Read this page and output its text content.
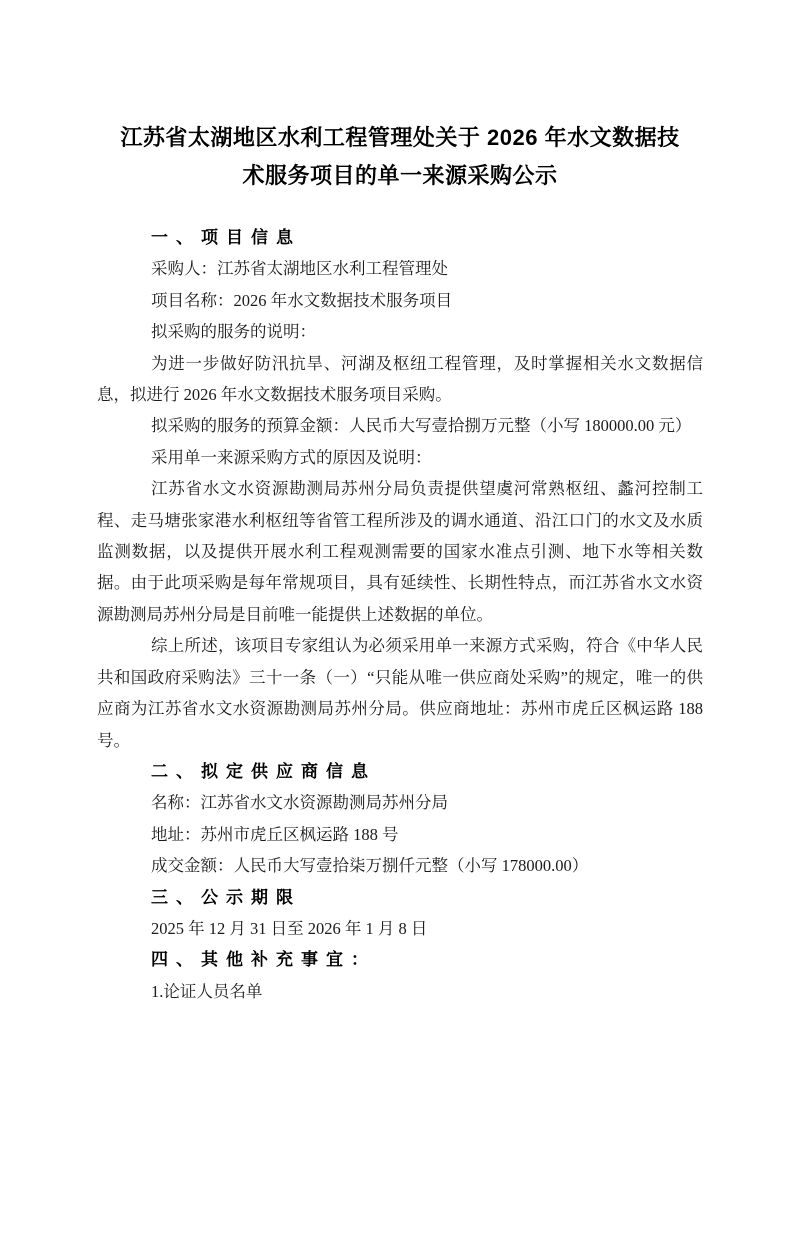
江苏省太湖地区水利工程管理处关于 2026 年水文数据技
术服务项目的单一来源采购公示
一、项目信息

采购人：江苏省太湖地区水利工程管理处

项目名称：2026 年水文数据技术服务项目

拟采购的服务的说明：

为进一步做好防汛抗旱、河湖及枢纽工程管理，及时掌握相关水文数据信息，拟进行 2026 年水文数据技术服务项目采购。

拟采购的服务的预算金额：人民币大写壹拾捌万元整（小写 180000.00 元）

采用单一来源采购方式的原因及说明：

江苏省水文水资源勘测局苏州分局负责提供望虞河常熟枢纽、蠡河控制工程、走马塘张家港水利枢纽等省管工程所涉及的调水通道、沿江口门的水文及水质监测数据，以及提供开展水利工程观测需要的国家水准点引测、地下水等相关数据。由于此项采购是每年常规项目，具有延续性、长期性特点，而江苏省水文水资源勘测局苏州分局是目前唯一能提供上述数据的单位。

综上所述，该项目专家组认为必须采用单一来源方式采购，符合《中华人民共和国政府采购法》三十一条（一）“只能从唯一供应商处采购”的规定，唯一的供应商为江苏省水文水资源勘测局苏州分局。供应商地址：苏州市虎丘区枫运路 188 号。

二、拟定供应商信息

名称：江苏省水文水资源勘测局苏州分局

地址：苏州市虎丘区枫运路 188 号

成交金额：人民币大写壹拾柒万捌仟元整（小写 178000.00）

三、公示期限

2025 年 12 月 31 日至 2026 年 1 月 8 日

四、其他补充事宜：

1.论证人员名单
